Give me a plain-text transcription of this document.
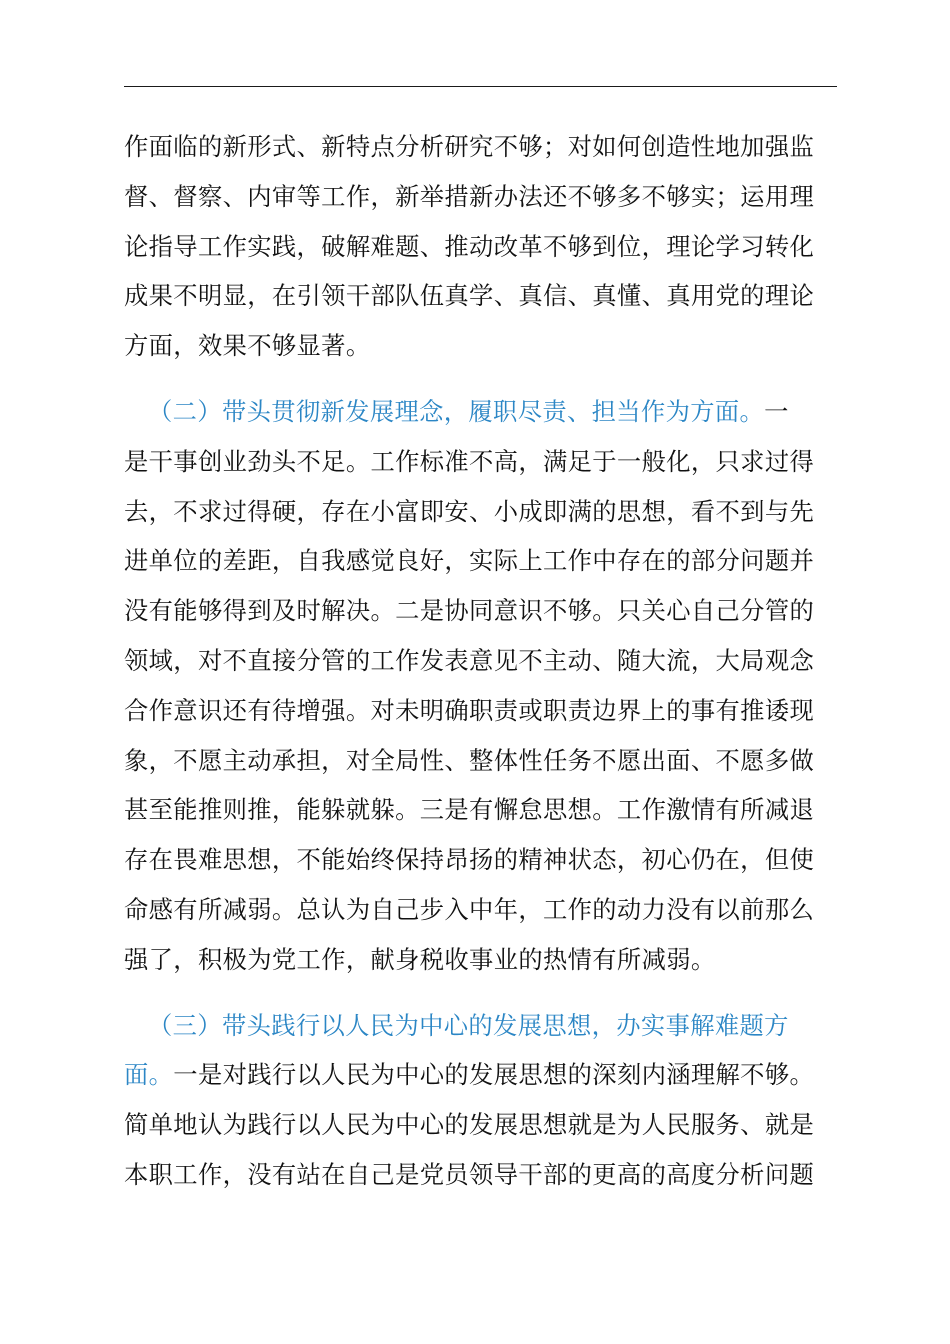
作面临的新形式、新特点分析研究不够；对如何创造性地加强监
督、督察、内审等工作，新举措新办法还不够多不够实；运用理
论指导工作实践，破解难题、推动改革不够到位，理论学习转化
成果不明显，在引领干部队伍真学、真信、真懂、真用党的理论
方面，效果不够显著。
（二）带头贯彻新发展理念，履职尽责、担当作为方面。一
是干事创业劲头不足。工作标准不高，满足于一般化，只求过得
去，不求过得硬，存在小富即安、小成即满的思想，看不到与先
进单位的差距，自我感觉良好，实际上工作中存在的部分问题并
没有能够得到及时解决。二是协同意识不够。只关心自己分管的
领域，对不直接分管的工作发表意见不主动、随大流，大局观念
合作意识还有待增强。对未明确职责或职责边界上的事有推诿现
象，不愿主动承担，对全局性、整体性任务不愿出面、不愿多做
甚至能推则推，能躲就躲。三是有懈怠思想。工作激情有所减退
存在畏难思想，不能始终保持昂扬的精神状态，初心仍在，但使
命感有所减弱。总认为自己步入中年，工作的动力没有以前那么
强了，积极为党工作，献身税收事业的热情有所减弱。
（三）带头践行以人民为中心的发展思想，办实事解难题方
面。一是对践行以人民为中心的发展思想的深刻内涵理解不够。
简单地认为践行以人民为中心的发展思想就是为人民服务、就是
本职工作，没有站在自己是党员领导干部的更高的高度分析问题
